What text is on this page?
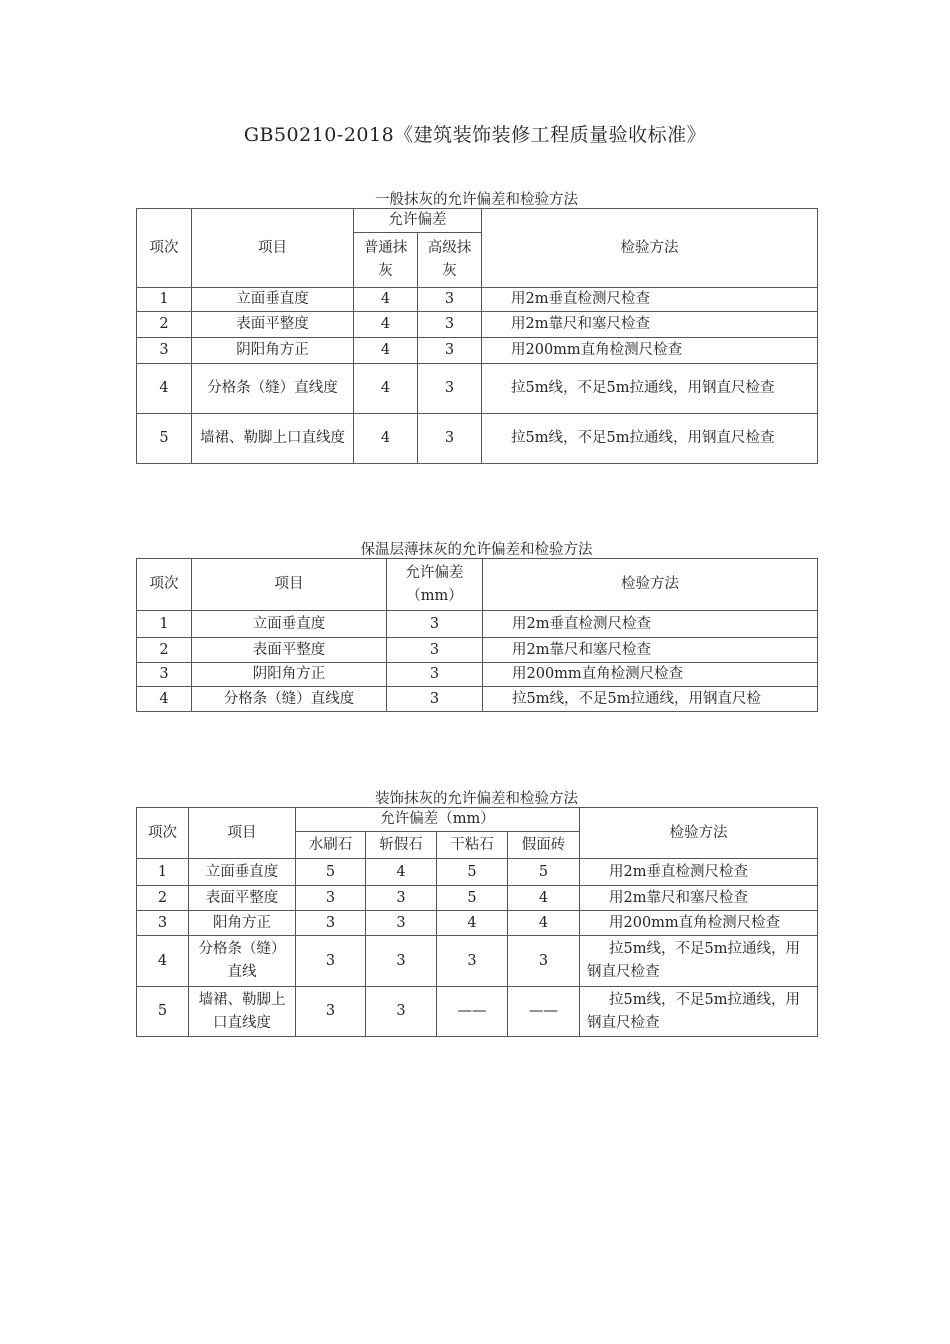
GB50210-2018《建筑装饰装修工程质量验收标准》
一般抹灰的允许偏差和检验方法
项次	项目	允许偏差		检验方法
		普通抹灰	高级抹灰	
1	立面垂直度	4	3	用2m垂直检测尺检查
2	表面平整度	4	3	用2m靠尺和塞尺检查
3	阴阳角方正	4	3	用200mm直角检测尺检查
4	分格条（缝）直线度	4	3	拉5m线，不足5m拉通线，用钢直尺检查
5	墙裙、勒脚上口直线度	4	3	拉5m线，不足5m拉通线，用钢直尺检查
保温层薄抹灰的允许偏差和检验方法
项次	项目	允许偏差（mm）	检验方法
1	立面垂直度	3	用2m垂直检测尺检查
2	表面平整度	3	用2m靠尺和塞尺检查
3	阴阳角方正	3	用200mm直角检测尺检查
4	分格条（缝）直线度	3	拉5m线，不足5m拉通线，用钢直尺检
装饰抹灰的允许偏差和检验方法
项次	项目	允许偏差（mm）				检验方法
		水刷石	斩假石	干粘石	假面砖	
1	立面垂直度	5	4	5	5	用2m垂直检测尺检查
2	表面平整度	3	3	5	4	用2m靠尺和塞尺检查
3	阳角方正	3	3	4	4	用200mm直角检测尺检查
4	分格条（缝）直线	3	3	3	3	拉5m线，不足5m拉通线，用钢直尺检查
5	墙裙、勒脚上口直线度	3	3	——	——	拉5m线，不足5m拉通线，用钢直尺检查
